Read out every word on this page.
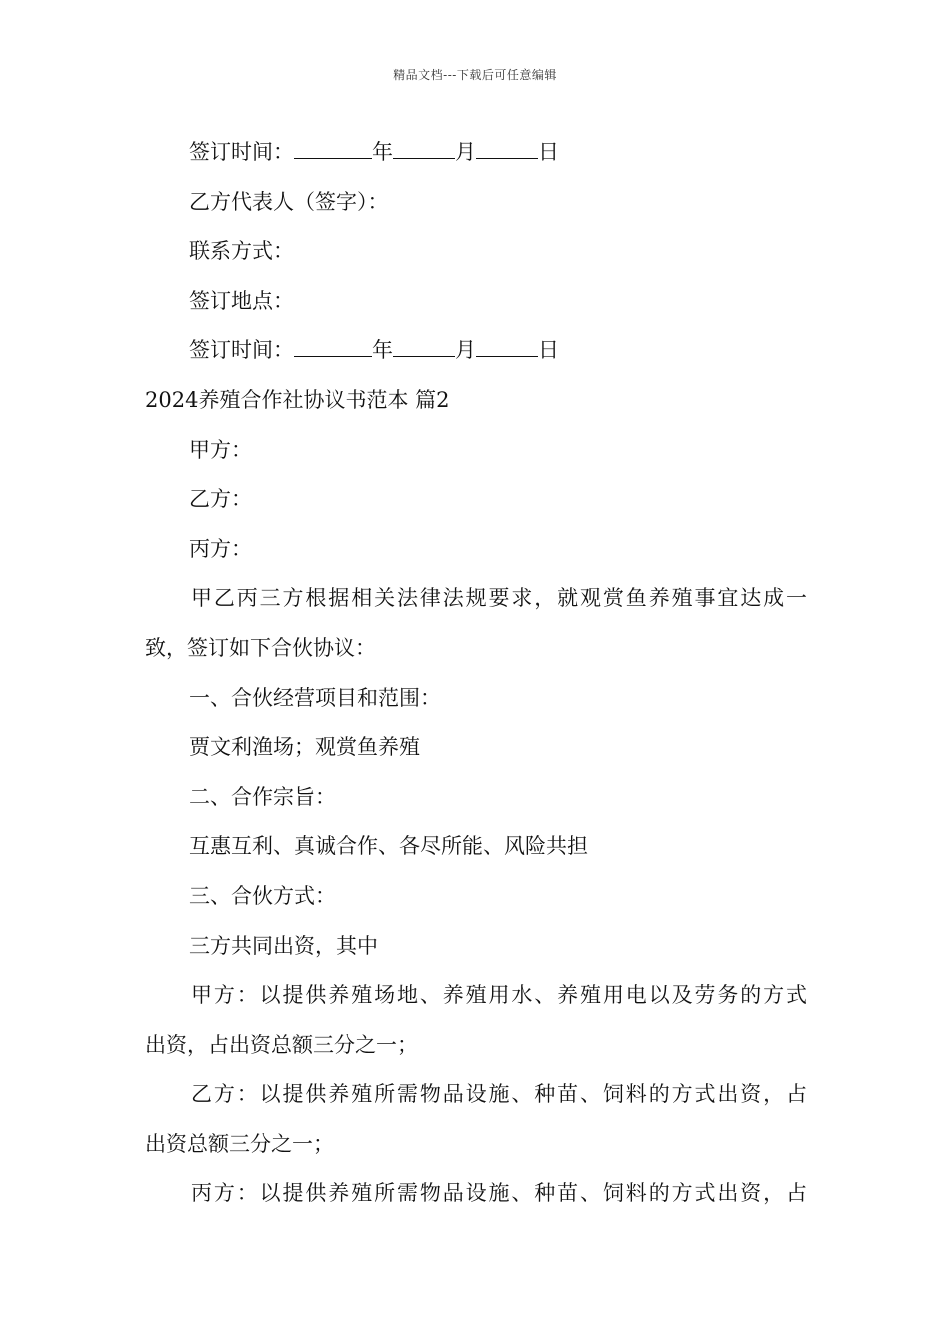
精品文档---下载后可任意编辑
签订时间：	年	月	日
乙方代表人（签字）：
联系方式：
签订地点：
签订时间：	年	月	日
2024养殖合作社协议书范本 篇2
甲方：
乙方：
丙方：
甲乙丙三方根据相关法律法规要求，就观赏鱼养殖事宜达成一
致，签订如下合伙协议：
一、合伙经营项目和范围：
贾文利渔场；观赏鱼养殖
二、合作宗旨：
互惠互利、真诚合作、各尽所能、风险共担
三、合伙方式：
三方共同出资，其中
甲方：以提供养殖场地、养殖用水、养殖用电以及劳务的方式
出资，占出资总额三分之一；
乙方：以提供养殖所需物品设施、种苗、饲料的方式出资，占
出资总额三分之一；
丙方：以提供养殖所需物品设施、种苗、饲料的方式出资，占
